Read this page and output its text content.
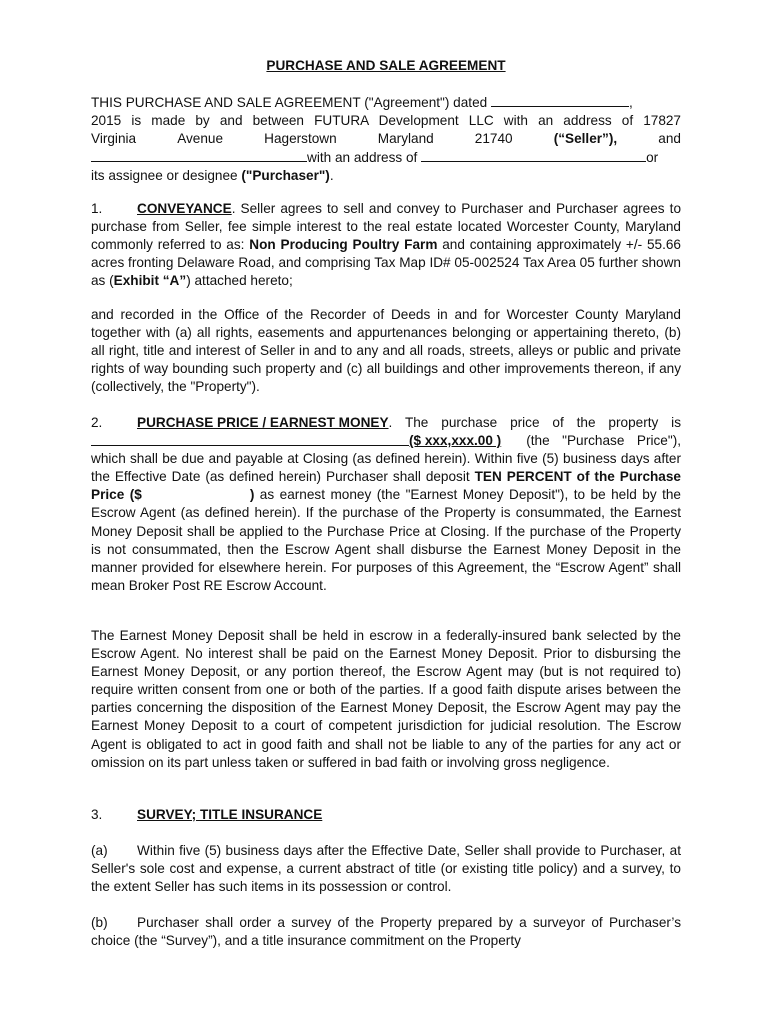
PURCHASE AND SALE AGREEMENT
THIS PURCHASE AND SALE AGREEMENT ("Agreement") dated	,
2015 is made by and between FUTURA Development LLC with an address of 17827
Virginia	Avenue	Hagerstown	Maryland	21740	(“Seller”),	and
with an address of	or
its assignee or designee ("Purchaser").

1.	CONVEYANCE. Seller agrees to sell and convey to Purchaser and Purchaser agrees to purchase from Seller, fee simple interest to the real estate located Worcester County, Maryland commonly referred to as: Non Producing Poultry Farm and containing approximately +/- 55.66 acres fronting Delaware Road, and comprising Tax Map ID# 05-002524 Tax Area 05 further shown as (Exhibit “A”) attached hereto;

and recorded in the Office of the Recorder of Deeds in and for Worcester County Maryland together with (a) all rights, easements and appurtenances belonging or appertaining thereto, (b) all right, title and interest of Seller in and to any and all roads, streets, alleys or public and private rights of way bounding such property and (c) all buildings and other improvements thereon, if any (collectively, the "Property").

2.	PURCHASE PRICE / EARNEST MONEY . The purchase price of the property is
($ xxx,xxx.00 ) (the "Purchase Price"),

which shall be due and payable at Closing (as defined herein). Within five (5) business days after the Effective Date (as defined herein) Purchaser shall deposit TEN PERCENT of the Purchase Price ($	) as earnest money (the "Earnest Money Deposit"), to be held by the Escrow Agent (as defined herein). If the purchase of the Property is consummated, the Earnest Money Deposit shall be applied to the Purchase Price at Closing. If the purchase of the Property is not consummated, then the Escrow Agent shall disburse the Earnest Money Deposit in the manner provided for elsewhere herein. For purposes of this Agreement, the “Escrow Agent” shall mean Broker Post RE Escrow Account.

The Earnest Money Deposit shall be held in escrow in a federally-insured bank selected by the Escrow Agent. No interest shall be paid on the Earnest Money Deposit. Prior to disbursing the Earnest Money Deposit, or any portion thereof, the Escrow Agent may (but is not required to) require written consent from one or both of the parties. If a good faith dispute arises between the parties concerning the disposition of the Earnest Money Deposit, the Escrow Agent may pay the Earnest Money Deposit to a court of competent jurisdiction for judicial resolution. The Escrow Agent is obligated to act in good faith and shall not be liable to any of the parties for any act or omission on its part unless taken or suffered in bad faith or involving gross negligence.

3.	SURVEY; TITLE INSURANCE

(a) Within five (5) business days after the Effective Date, Seller shall provide to Purchaser, at Seller's sole cost and expense, a current abstract of title (or existing title policy) and a survey, to the extent Seller has such items in its possession or control.

(b) Purchaser shall order a survey of the Property prepared by a surveyor of Purchaser’s choice (the “Survey”), and a title insurance commitment on the Property
